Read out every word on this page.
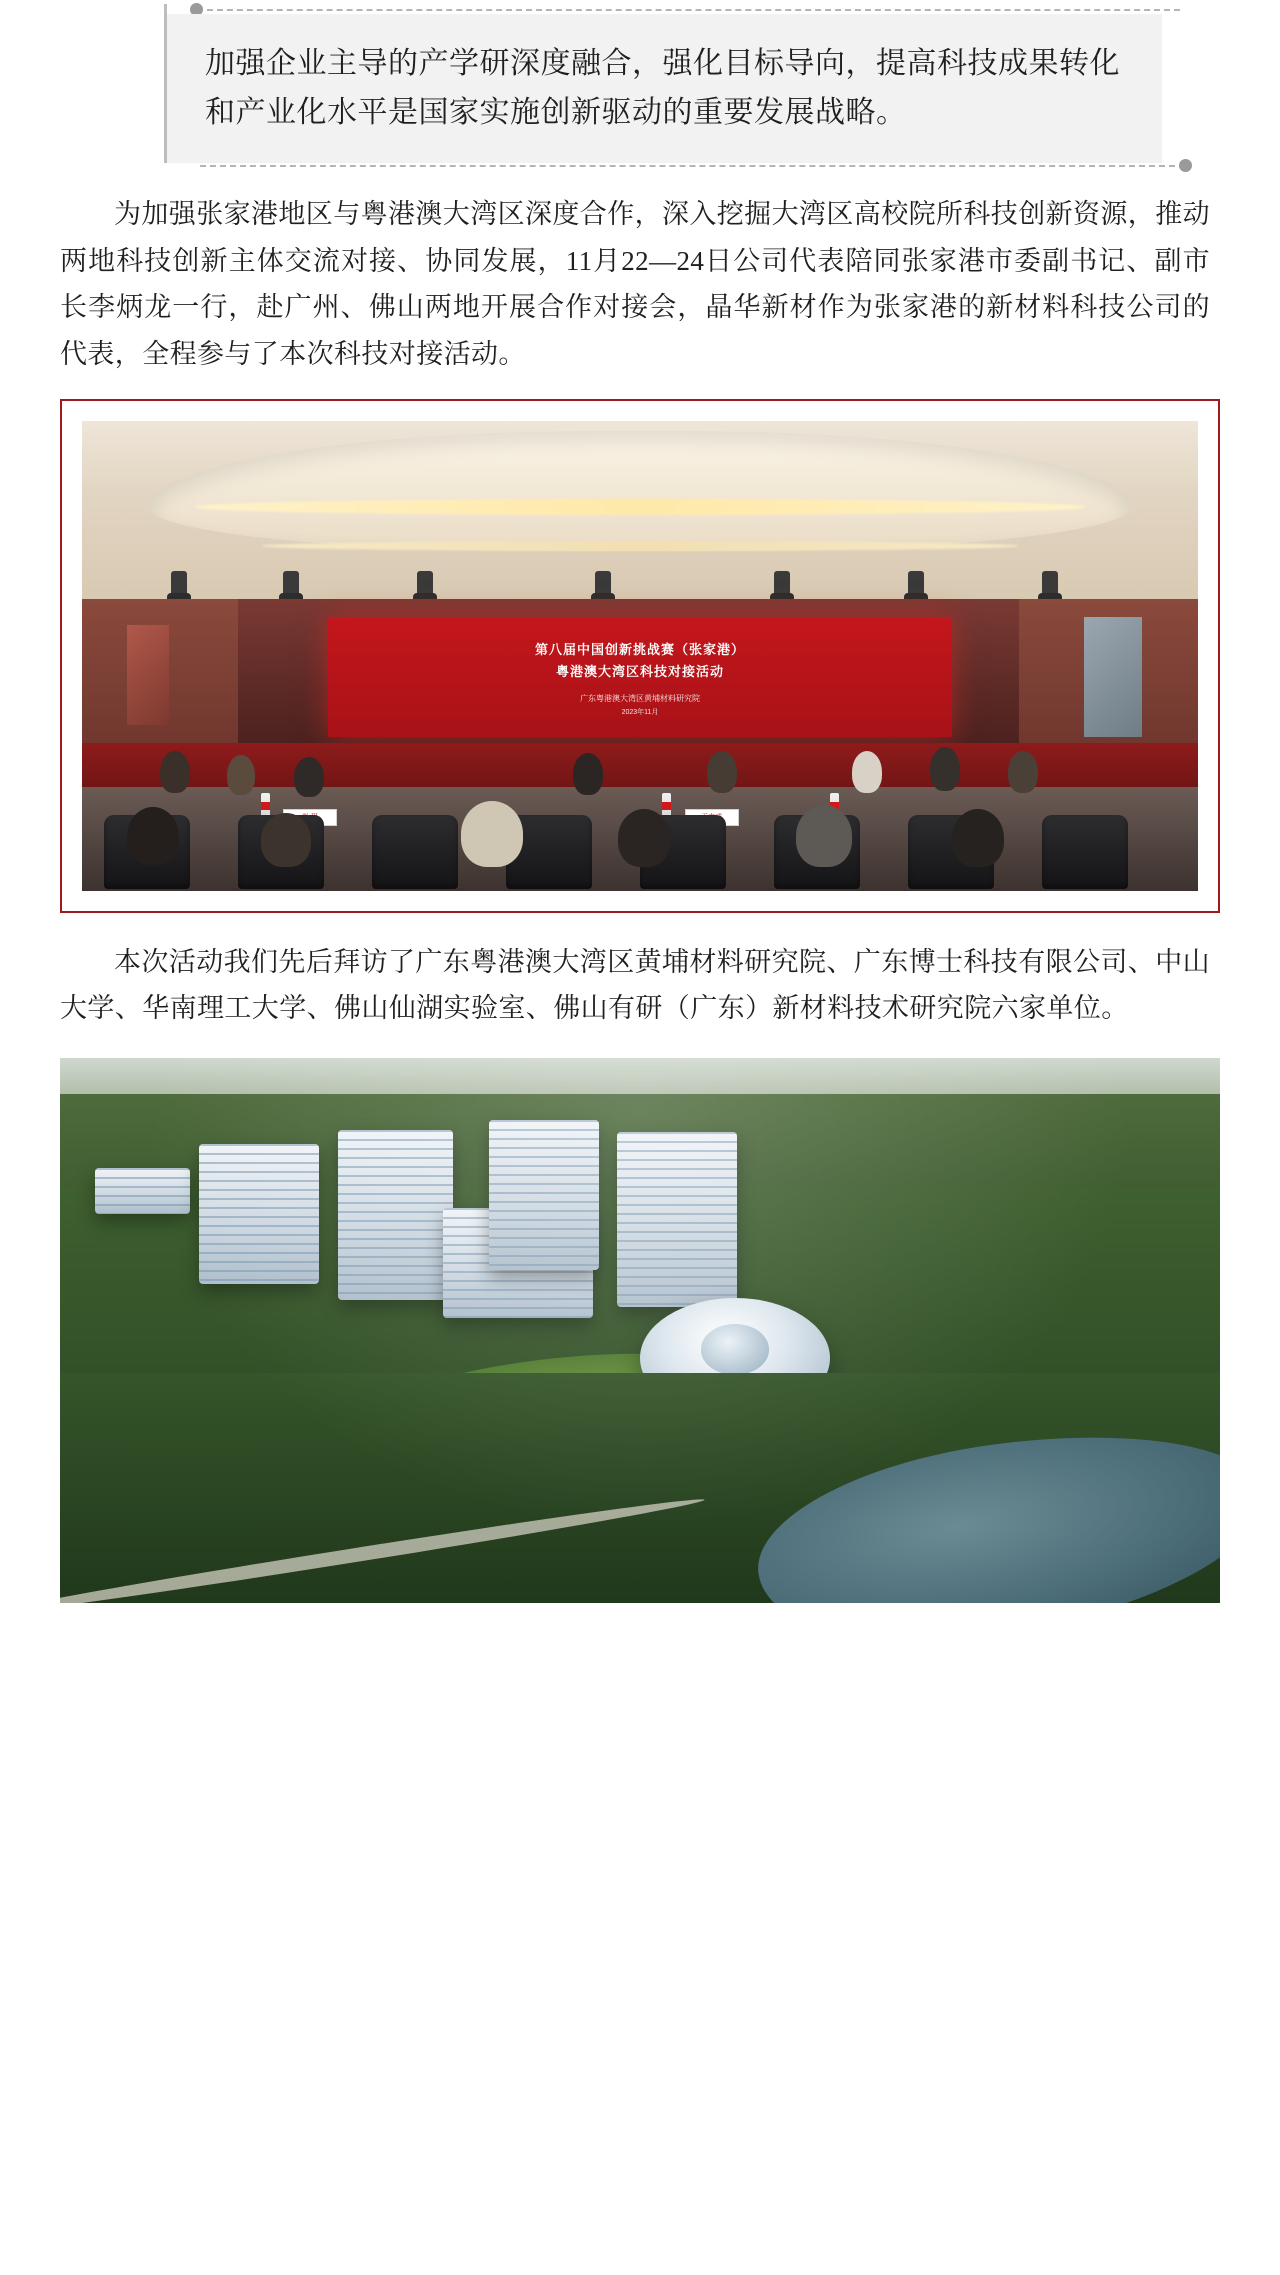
加强企业主导的产学研深度融合，强化目标导向，提高科技成果转化和产业化水平是国家实施创新驱动的重要发展战略。

为加强张家港地区与粤港澳大湾区深度合作，深入挖掘大湾区高校院所科技创新资源，推动两地科技创新主体交流对接、协同发展，11月22—24日公司代表陪同张家港市委副书记、副市长李炳龙一行，赴广州、佛山两地开展合作对接会，晶华新材作为张家港的新材料科技公司的代表，全程参与了本次科技对接活动。

第八届中国创新挑战赛（张家港）
粤港澳大湾区科技对接活动
广东粤港澳大湾区黄埔材料研究院
2023年11月

本次活动我们先后拜访了广东粤港澳大湾区黄埔材料研究院、广东博士科技有限公司、中山大学、华南理工大学、佛山仙湖实验室、佛山有研（广东）新材料技术研究院六家单位。
